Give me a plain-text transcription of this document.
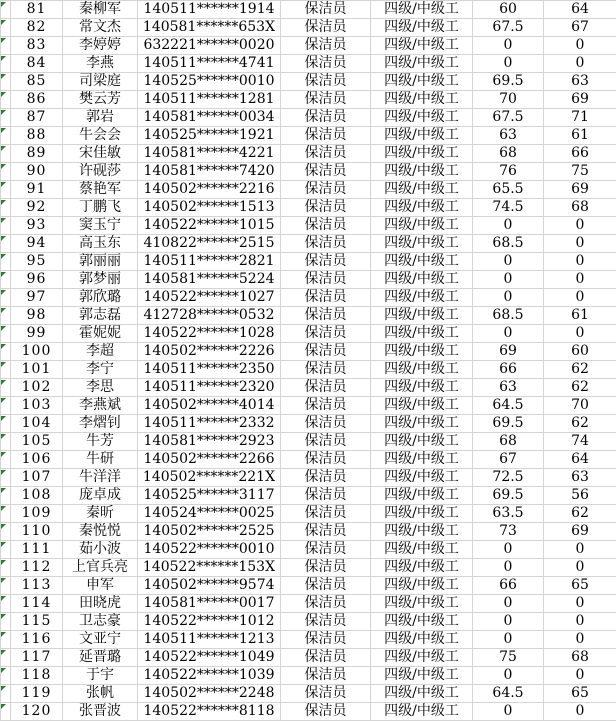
	81	秦柳军	140511******1914	保洁员	四级/中级工	60	64

	82	常文杰	140581******653X	保洁员	四级/中级工	67.5	67

	83	李婷婷	632221******0020	保洁员	四级/中级工	0	0

	84	李燕	140511******4741	保洁员	四级/中级工	0	0

	85	司梁庭	140525******0010	保洁员	四级/中级工	69.5	63

	86	樊云芳	140511******1281	保洁员	四级/中级工	70	69

	87	郭岩	140581******0034	保洁员	四级/中级工	67.5	71

	88	牛会会	140525******1921	保洁员	四级/中级工	63	61

	89	宋佳敏	140581******4221	保洁员	四级/中级工	68	66

	90	许砚莎	140581******7420	保洁员	四级/中级工	76	75

	91	蔡艳军	140502******2216	保洁员	四级/中级工	65.5	69

	92	丁鹏飞	140502******1513	保洁员	四级/中级工	74.5	68

	93	窦玉宁	140522******1015	保洁员	四级/中级工	0	0

	94	高玉东	410822******2515	保洁员	四级/中级工	68.5	0

	95	郭丽丽	140511******2821	保洁员	四级/中级工	0	0

	96	郭梦丽	140581******5224	保洁员	四级/中级工	0	0

	97	郭欣璐	140522******1027	保洁员	四级/中级工	0	0

	98	郭志磊	412728******0532	保洁员	四级/中级工	68.5	61

	99	霍妮妮	140522******1028	保洁员	四级/中级工	0	0

	100	李超	140502******2226	保洁员	四级/中级工	69	60

	101	李宁	140511******2350	保洁员	四级/中级工	66	62

	102	李思	140511******2320	保洁员	四级/中级工	63	62

	103	李燕斌	140502******4014	保洁员	四级/中级工	64.5	70

	104	李熠钊	140511******2332	保洁员	四级/中级工	69.5	62

	105	牛芳	140581******2923	保洁员	四级/中级工	68	74

	106	牛研	140502******2266	保洁员	四级/中级工	67	64

	107	牛洋洋	140502******221X	保洁员	四级/中级工	72.5	63

	108	庞卓成	140525******3117	保洁员	四级/中级工	69.5	56

	109	秦昕	140524******0025	保洁员	四级/中级工	63.5	62

	110	秦悦悦	140502******2525	保洁员	四级/中级工	73	69

	111	茹小波	140522******0010	保洁员	四级/中级工	0	0

	112	上官兵亮	140522******153X	保洁员	四级/中级工	0	0

	113	申军	140502******9574	保洁员	四级/中级工	66	65

	114	田晓虎	140581******0017	保洁员	四级/中级工	0	0

	115	卫志豪	140522******1012	保洁员	四级/中级工	0	0

	116	文亚宁	140511******1213	保洁员	四级/中级工	0	0

	117	延晋璐	140522******1049	保洁员	四级/中级工	75	68

	118	于宇	140522******1039	保洁员	四级/中级工	0	0

	119	张帆	140502******2248	保洁员	四级/中级工	64.5	65

	120	张晋波	140522******8118	保洁员	四级/中级工	0	0
